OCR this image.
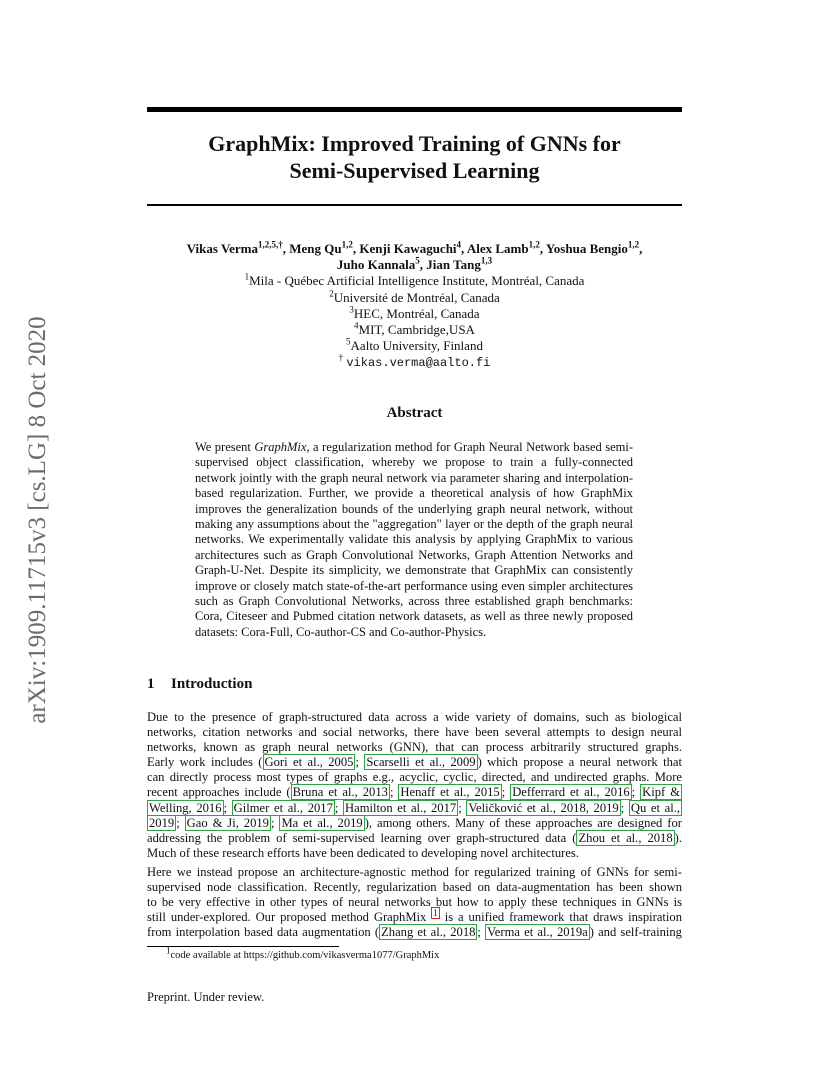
arXiv:1909.11715v3 [cs.LG] 8 Oct 2020
GraphMix: Improved Training of GNNs for
Semi-Supervised Learning
Vikas Verma$^{1,2,5,\dagger}$, Meng Qu$^{1,2}$, Kenji Kawaguchi$^4$, Alex Lamb$^{1,2}$, Yoshua Bengio$^{1,2}$,
Juho Kannala$^5$, Jian Tang$^{1,3}$
$^1$Mila - Québec Artificial Intelligence Institute, Montréal, Canada
$^2$Université de Montréal, Canada
$^3$HEC, Montréal, Canada
$^4$MIT, Cambridge,USA
$^5$Aalto University, Finland
† vikas.verma@aalto.fi
Abstract
We present GraphMix, a regularization method for Graph Neural Network based semi-supervised object classification, whereby we propose to train a fully-connected network jointly with the graph neural network via parameter sharing and interpolation-based regularization. Further, we provide a theoretical analysis of how GraphMix improves the generalization bounds of the underlying graph neural network, without making any assumptions about the "aggregation" layer or the depth of the graph neural networks. We experimentally validate this analysis by applying GraphMix to various architectures such as Graph Convolutional Networks, Graph Attention Networks and Graph-U-Net. Despite its simplicity, we demonstrate that GraphMix can consistently improve or closely match state-of-the-art performance using even simpler architectures such as Graph Convolutional Networks, across three established graph benchmarks: Cora, Citeseer and Pubmed citation network datasets, as well as three newly proposed datasets: Cora-Full, Co-author-CS and Co-author-Physics.
1 Introduction
Due to the presence of graph-structured data across a wide variety of domains, such as biological
networks, citation networks and social networks, there have been several attempts to design neural
networks, known as graph neural networks (GNN), that can process arbitrarily structured graphs.
Early work includes ( Gori et al., 2005 ; Scarselli et al., 2009 ) which propose a neural network that
can directly process most types of graphs e.g., acyclic, cyclic, directed, and undirected graphs. More
recent approaches include ( Bruna et al., 2013 ; Henaff et al., 2015 ; Defferrard et al., 2016 ; Kipf &
Welling, 2016 ; Gilmer et al., 2017 ; Hamilton et al., 2017 ; Veličković et al., 2018, 2019 ; Qu et al.,
2019 ; Gao & Ji, 2019 ; Ma et al., 2019 ), among others. Many of these approaches are designed for
addressing the problem of semi-supervised learning over graph-structured data ( Zhou et al., 2018 ).
Much of these research efforts have been dedicated to developing novel architectures.
Here we instead propose an architecture-agnostic method for regularized training of GNNs for semi-
supervised node classification. Recently, regularization based on data-augmentation has been shown
to be very effective in other types of neural networks but how to apply these techniques in GNNs is
still under-explored. Our proposed method GraphMix $^1$ is a unified framework that draws inspiration
from interpolation based data augmentation ( Zhang et al., 2018 ; Verma et al., 2019a ) and self-training
$^1$code available at https://github.com/vikasverma1077/GraphMix
Preprint. Under review.
